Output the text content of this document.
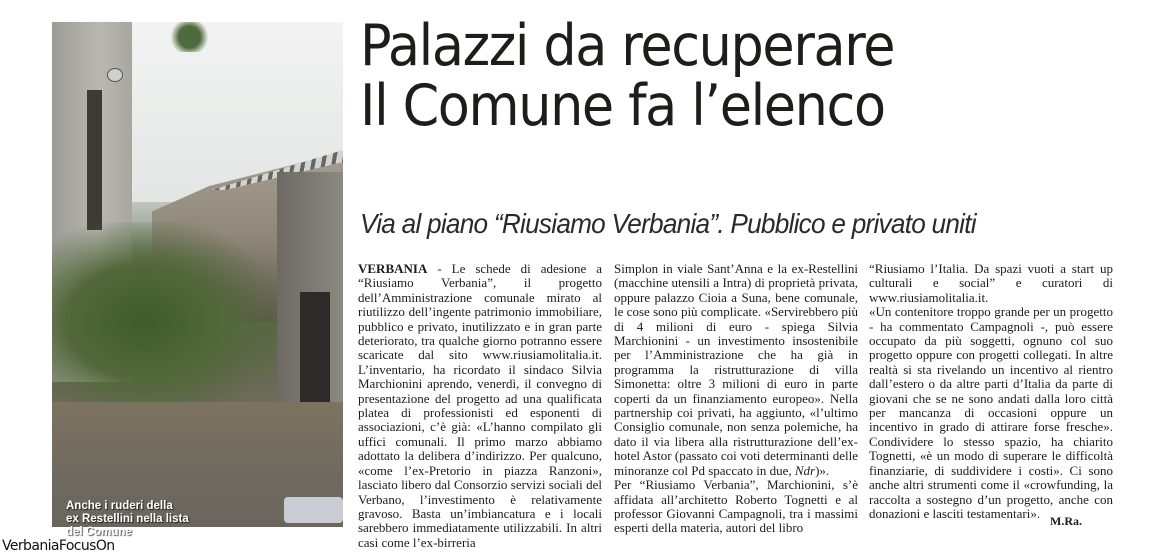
Anche i ruderi della
ex Restellini nella lista
del Comune
Palazzi da recuperare
Il Comune fa l’elenco
Via al piano “Riusiamo Verbania”. Pubblico e privato uniti

VERBANIA - Le schede di adesione a “Riusiamo Verbania”, il progetto dell’Amministrazione comunale mirato al riutilizzo dell’ingente patrimonio immobiliare, pubblico e privato, inutilizzato e in gran parte deteriorato, tra qualche giorno potranno essere scaricate dal sito www.riusiamolitalia.it. L’inventario, ha ricordato il sindaco Silvia Marchionini aprendo, venerdì, il convegno di presentazione del progetto ad una qualificata platea di professionisti ed esponenti di associazioni, c’è già: «L’hanno compilato gli uffici comunali. Il primo marzo abbiamo adottato la delibera d’indirizzo. Per qualcuno, «come l’ex-Pretorio in piazza Ranzoni», lasciato libero dal Consorzio servizi sociali del Verbano, l’investimento è relativamente gravoso. Basta un’imbiancatura e i locali sarebbero immediatamente utilizzabili. In altri casi come l’ex-birreria

Simplon in viale Sant’Anna e la ex-Restellini (macchine utensili a Intra) di proprietà privata, oppure palazzo Cioia a Suna, bene comunale, le cose sono più complicate. «Servirebbero più di 4 milioni di euro - spiega Silvia Marchionini - un investimento insostenibile per l’Amministrazione che ha già in programma la ristrutturazione di villa Simonetta: oltre 3 milioni di euro in parte coperti da un finanziamento europeo». Nella partnership coi privati, ha aggiunto, «l’ultimo Consiglio comunale, non senza polemiche, ha dato il via libera alla ristrutturazione dell’ex-hotel Astor (passato coi voti determinanti delle minoranze col Pd spaccato in due, Ndr)».

Per “Riusiamo Verbania”, Marchionini, s’è affidata all’architetto Roberto Tognetti e al professor Giovanni Campagnoli, tra i massimi esperti della materia, autori del libro

“Riusiamo l’Italia. Da spazi vuoti a start up culturali e social” e curatori di www.riusiamolitalia.it.

«Un contenitore troppo grande per un progetto - ha commentato Campagnoli -, può essere occupato da più soggetti, ognuno col suo progetto oppure con progetti collegati. In altre realtà si sta rivelando un incentivo al rientro dall’estero o da altre parti d’Italia da parte di giovani che se ne sono andati dalla loro città per mancanza di occasioni oppure un incentivo in grado di attirare forse fresche». Condividere lo stesso spazio, ha chiarito Tognetti, «è un modo di superare le difficoltà finanziarie, di suddividere i costi». Ci sono anche altri strumenti come il «crowfunding, la raccolta a sostegno d’un progetto, anche con donazioni e lasciti testamentari».

M.Ra.
VerbaniaFocusOn
